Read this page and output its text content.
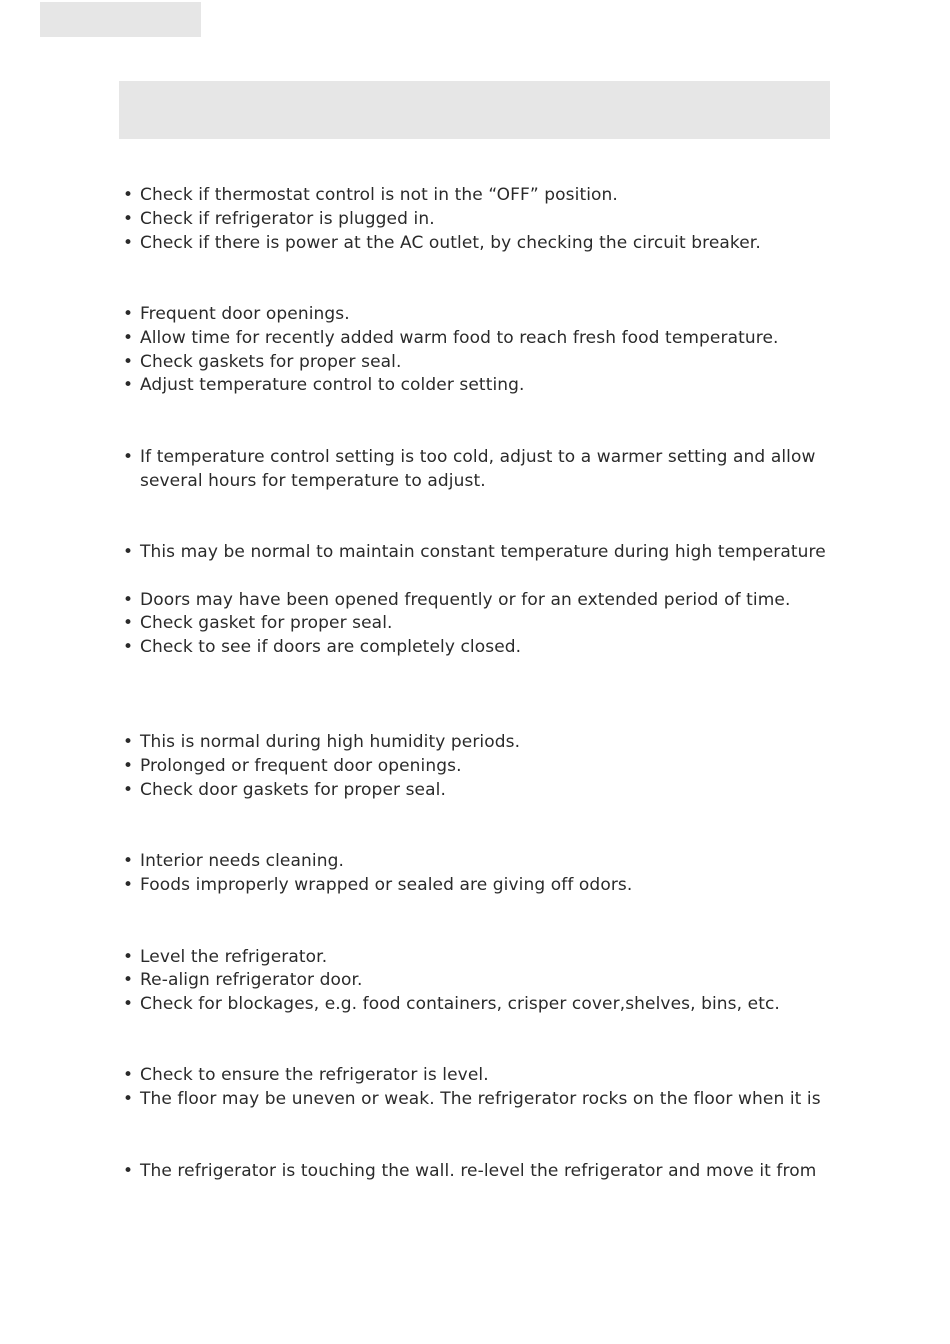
• Check if thermostat control is not in the “OFF” position.
• Check if refrigerator is plugged in.
• Check if there is power at the AC outlet, by checking the circuit breaker.
• Frequent door openings.
• Allow time for recently added warm food to reach fresh food temperature.
• Check gaskets for proper seal.
• Adjust temperature control to colder setting.
• If temperature control setting is too cold, adjust to a warmer setting and allow
several hours for temperature to adjust.
• This may be normal to maintain constant temperature during high temperature
• Doors may have been opened frequently or for an extended period of time.
• Check gasket for proper seal.
• Check to see if doors are completely closed.
• This is normal during high humidity periods.
• Prolonged or frequent door openings.
• Check door gaskets for proper seal.
• Interior needs cleaning.
• Foods improperly wrapped or sealed are giving off odors.
• Level the refrigerator.
• Re-align refrigerator door.
• Check for blockages, e.g. food containers, crisper cover,shelves, bins, etc.
• Check to ensure the refrigerator is level.
• The floor may be uneven or weak. The refrigerator rocks on the floor when it is
• The refrigerator is touching the wall. re-level the refrigerator and move it from
